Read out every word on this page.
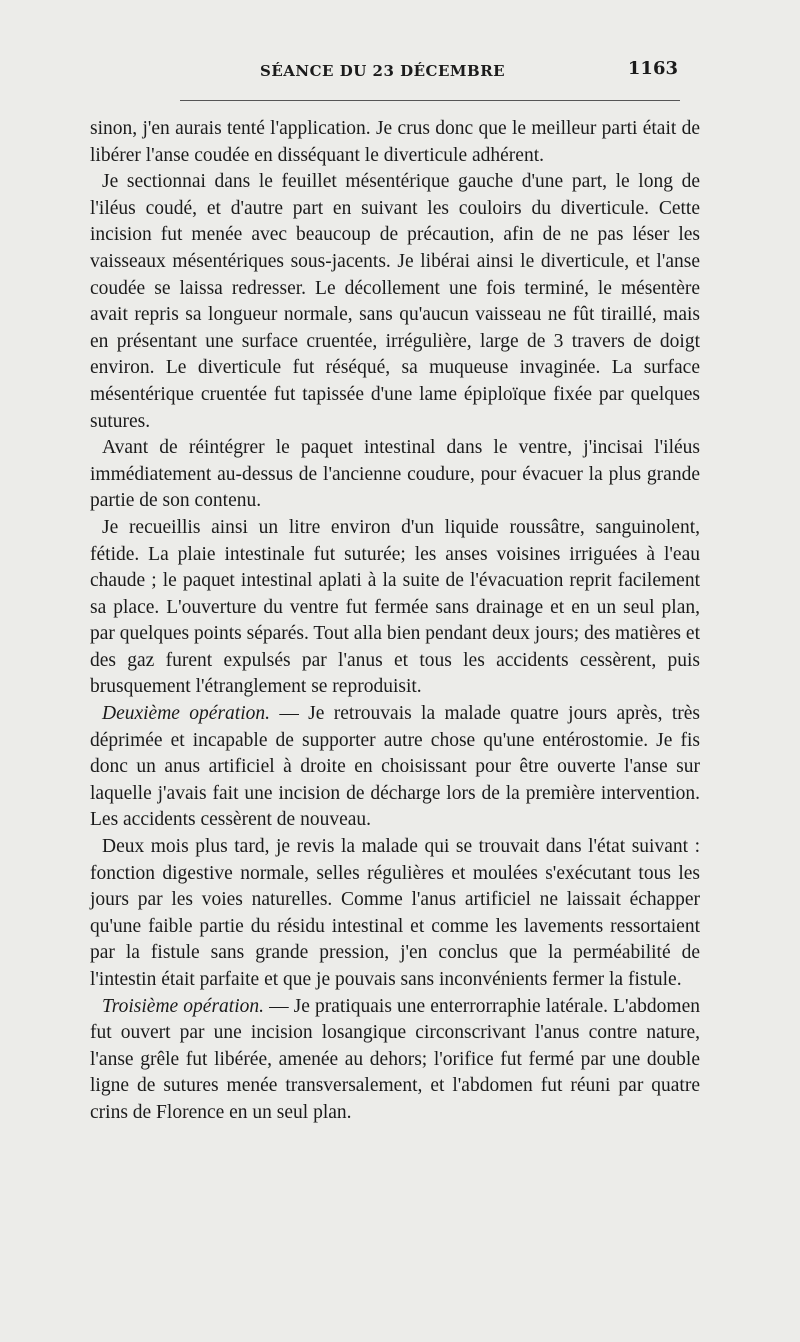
SÉANCE DU 23 DÉCEMBRE	1163

sinon, j'en aurais tenté l'application. Je crus donc que le meilleur parti était de libérer l'anse coudée en disséquant le diverticule adhérent.

Je sectionnai dans le feuillet mésentérique gauche d'une part, le long de l'iléus coudé, et d'autre part en suivant les couloirs du diverticule. Cette incision fut menée avec beaucoup de précaution, afin de ne pas léser les vaisseaux mésentériques sous-jacents. Je libérai ainsi le diverticule, et l'anse coudée se laissa redresser. Le décollement une fois terminé, le mésentère avait repris sa longueur normale, sans qu'aucun vaisseau ne fût tiraillé, mais en présentant une surface cruentée, irrégulière, large de 3 travers de doigt environ. Le diverticule fut réséqué, sa muqueuse invaginée. La surface mésentérique cruentée fut tapissée d'une lame épiploïque fixée par quelques sutures.

Avant de réintégrer le paquet intestinal dans le ventre, j'incisai l'iléus immédiatement au-dessus de l'ancienne coudure, pour évacuer la plus grande partie de son contenu.

Je recueillis ainsi un litre environ d'un liquide roussâtre, sanguinolent, fétide. La plaie intestinale fut suturée; les anses voisines irriguées à l'eau chaude ; le paquet intestinal aplati à la suite de l'évacuation reprit facilement sa place. L'ouverture du ventre fut fermée sans drainage et en un seul plan, par quelques points séparés. Tout alla bien pendant deux jours; des matières et des gaz furent expulsés par l'anus et tous les accidents cessèrent, puis brusquement l'étranglement se reproduisit.

Deuxième opération. — Je retrouvais la malade quatre jours après, très déprimée et incapable de supporter autre chose qu'une entérostomie. Je fis donc un anus artificiel à droite en choisissant pour être ouverte l'anse sur laquelle j'avais fait une incision de décharge lors de la première intervention. Les accidents cessèrent de nouveau.

Deux mois plus tard, je revis la malade qui se trouvait dans l'état suivant : fonction digestive normale, selles régulières et moulées s'exécutant tous les jours par les voies naturelles. Comme l'anus artificiel ne laissait échapper qu'une faible partie du résidu intestinal et comme les lavements ressortaient par la fistule sans grande pression, j'en conclus que la perméabilité de l'intestin était parfaite et que je pouvais sans inconvénients fermer la fistule.

Troisième opération. — Je pratiquais une enterrorraphie latérale. L'abdomen fut ouvert par une incision losangique circonscrivant l'anus contre nature, l'anse grêle fut libérée, amenée au dehors; l'orifice fut fermé par une double ligne de sutures menée transversalement, et l'abdomen fut réuni par quatre crins de Florence en un seul plan.
